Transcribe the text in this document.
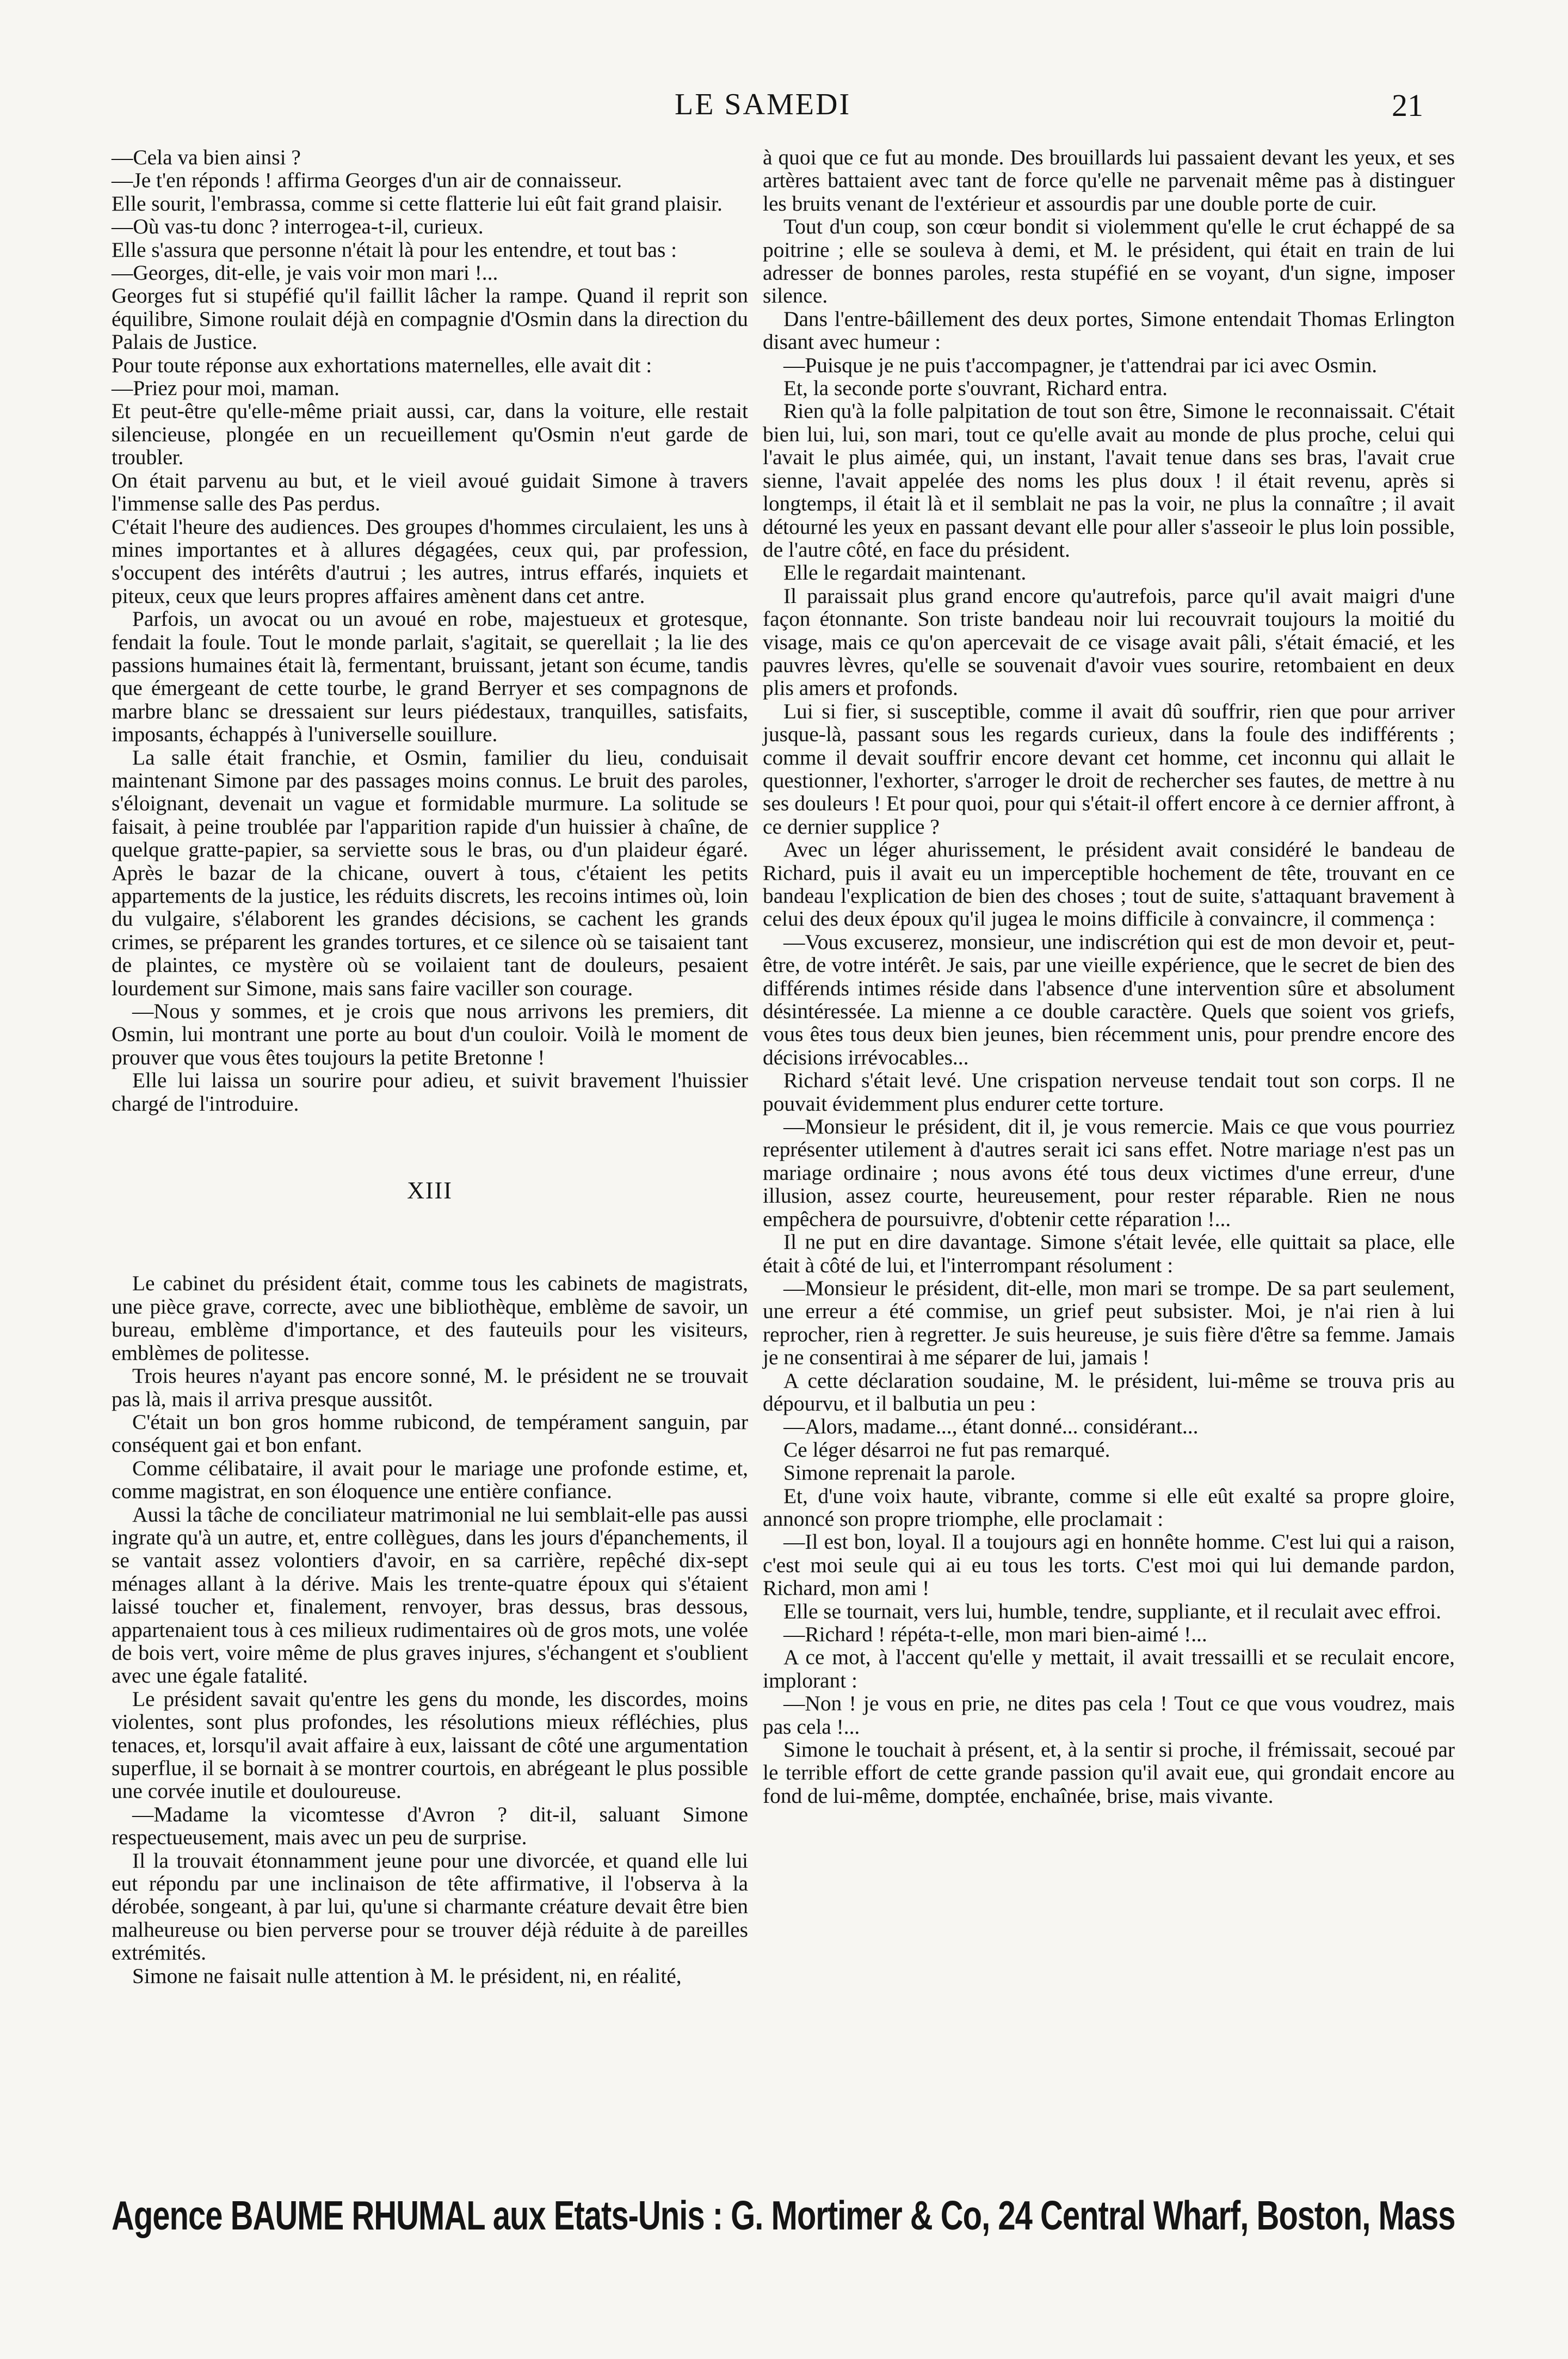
LE SAMEDI	21

—Cela va bien ainsi ?

—Je t'en réponds ! affirma Georges d'un air de connaisseur.

Elle sourit, l'embrassa, comme si cette flatterie lui eût fait grand plaisir.

—Où vas-tu donc ? interrogea-t-il, curieux.

Elle s'assura que personne n'était là pour les entendre, et tout bas :

—Georges, dit-elle, je vais voir mon mari !...

Georges fut si stupéfié qu'il faillit lâcher la rampe. Quand il reprit son équilibre, Simone roulait déjà en compagnie d'Osmin dans la direction du Palais de Justice.

Pour toute réponse aux exhortations maternelles, elle avait dit :

—Priez pour moi, maman.

Et peut-être qu'elle-même priait aussi, car, dans la voiture, elle restait silencieuse, plongée en un recueillement qu'Osmin n'eut garde de troubler.

On était parvenu au but, et le vieil avoué guidait Simone à travers l'immense salle des Pas perdus.

C'était l'heure des audiences. Des groupes d'hommes circulaient, les uns à mines importantes et à allures dégagées, ceux qui, par profession, s'occupent des intérêts d'autrui ; les autres, intrus effarés, inquiets et piteux, ceux que leurs propres affaires amènent dans cet antre.

Parfois, un avocat ou un avoué en robe, majestueux et grotesque, fendait la foule. Tout le monde parlait, s'agitait, se querellait ; la lie des passions humaines était là, fermentant, bruissant, jetant son écume, tandis que émergeant de cette tourbe, le grand Berryer et ses compagnons de marbre blanc se dressaient sur leurs piédestaux, tranquilles, satisfaits, imposants, échappés à l'universelle souillure.

La salle était franchie, et Osmin, familier du lieu, conduisait maintenant Simone par des passages moins connus. Le bruit des paroles, s'éloignant, devenait un vague et formidable murmure. La solitude se faisait, à peine troublée par l'apparition rapide d'un huissier à chaîne, de quelque gratte-papier, sa serviette sous le bras, ou d'un plaideur égaré. Après le bazar de la chicane, ouvert à tous, c'étaient les petits appartements de la justice, les réduits discrets, les recoins intimes où, loin du vulgaire, s'élaborent les grandes décisions, se cachent les grands crimes, se préparent les grandes tortures, et ce silence où se taisaient tant de plaintes, ce mystère où se voilaient tant de douleurs, pesaient lourdement sur Simone, mais sans faire vaciller son courage.

—Nous y sommes, et je crois que nous arrivons les premiers, dit Osmin, lui montrant une porte au bout d'un couloir. Voilà le moment de prouver que vous êtes toujours la petite Bretonne !

Elle lui laissa un sourire pour adieu, et suivit bravement l'huissier chargé de l'introduire.

XIII

Le cabinet du président était, comme tous les cabinets de magistrats, une pièce grave, correcte, avec une bibliothèque, emblème de savoir, un bureau, emblème d'importance, et des fauteuils pour les visiteurs, emblèmes de politesse.

Trois heures n'ayant pas encore sonné, M. le président ne se trouvait pas là, mais il arriva presque aussitôt.

C'était un bon gros homme rubicond, de tempérament sanguin, par conséquent gai et bon enfant.

Comme célibataire, il avait pour le mariage une profonde estime, et, comme magistrat, en son éloquence une entière confiance.

Aussi la tâche de conciliateur matrimonial ne lui semblait-elle pas aussi ingrate qu'à un autre, et, entre collègues, dans les jours d'épanchements, il se vantait assez volontiers d'avoir, en sa carrière, repêché dix-sept ménages allant à la dérive. Mais les trente-quatre époux qui s'étaient laissé toucher et, finalement, renvoyer, bras dessus, bras dessous, appartenaient tous à ces milieux rudimentaires où de gros mots, une volée de bois vert, voire même de plus graves injures, s'échangent et s'oublient avec une égale fatalité.

Le président savait qu'entre les gens du monde, les discordes, moins violentes, sont plus profondes, les résolutions mieux réfléchies, plus tenaces, et, lorsqu'il avait affaire à eux, laissant de côté une argumentation superflue, il se bornait à se montrer courtois, en abrégeant le plus possible une corvée inutile et douloureuse.

—Madame la vicomtesse d'Avron ? dit-il, saluant Simone respectueusement, mais avec un peu de surprise.

Il la trouvait étonnamment jeune pour une divorcée, et quand elle lui eut répondu par une inclinaison de tête affirmative, il l'observa à la dérobée, songeant, à par lui, qu'une si charmante créature devait être bien malheureuse ou bien perverse pour se trouver déjà réduite à de pareilles extrémités.

Simone ne faisait nulle attention à M. le président, ni, en réalité,

à quoi que ce fut au monde. Des brouillards lui passaient devant les yeux, et ses artères battaient avec tant de force qu'elle ne parvenait même pas à distinguer les bruits venant de l'extérieur et assourdis par une double porte de cuir.

Tout d'un coup, son cœur bondit si violemment qu'elle le crut échappé de sa poitrine ; elle se souleva à demi, et M. le président, qui était en train de lui adresser de bonnes paroles, resta stupéfié en se voyant, d'un signe, imposer silence.

Dans l'entre-bâillement des deux portes, Simone entendait Thomas Erlington disant avec humeur :

—Puisque je ne puis t'accompagner, je t'attendrai par ici avec Osmin.

Et, la seconde porte s'ouvrant, Richard entra.

Rien qu'à la folle palpitation de tout son être, Simone le reconnaissait. C'était bien lui, lui, son mari, tout ce qu'elle avait au monde de plus proche, celui qui l'avait le plus aimée, qui, un instant, l'avait tenue dans ses bras, l'avait crue sienne, l'avait appelée des noms les plus doux ! il était revenu, après si longtemps, il était là et il semblait ne pas la voir, ne plus la connaître ; il avait détourné les yeux en passant devant elle pour aller s'asseoir le plus loin possible, de l'autre côté, en face du président.

Elle le regardait maintenant.

Il paraissait plus grand encore qu'autrefois, parce qu'il avait maigri d'une façon étonnante. Son triste bandeau noir lui recouvrait toujours la moitié du visage, mais ce qu'on apercevait de ce visage avait pâli, s'était émacié, et les pauvres lèvres, qu'elle se souvenait d'avoir vues sourire, retombaient en deux plis amers et profonds.

Lui si fier, si susceptible, comme il avait dû souffrir, rien que pour arriver jusque-là, passant sous les regards curieux, dans la foule des indifférents ; comme il devait souffrir encore devant cet homme, cet inconnu qui allait le questionner, l'exhorter, s'arroger le droit de rechercher ses fautes, de mettre à nu ses douleurs ! Et pour quoi, pour qui s'était-il offert encore à ce dernier affront, à ce dernier supplice ?

Avec un léger ahurissement, le président avait considéré le bandeau de Richard, puis il avait eu un imperceptible hochement de tête, trouvant en ce bandeau l'explication de bien des choses ; tout de suite, s'attaquant bravement à celui des deux époux qu'il jugea le moins difficile à convaincre, il commença :

—Vous excuserez, monsieur, une indiscrétion qui est de mon devoir et, peut-être, de votre intérêt. Je sais, par une vieille expérience, que le secret de bien des différends intimes réside dans l'absence d'une intervention sûre et absolument désintéressée. La mienne a ce double caractère. Quels que soient vos griefs, vous êtes tous deux bien jeunes, bien récemment unis, pour prendre encore des décisions irrévocables...

Richard s'était levé. Une crispation nerveuse tendait tout son corps. Il ne pouvait évidemment plus endurer cette torture.

—Monsieur le président, dit il, je vous remercie. Mais ce que vous pourriez représenter utilement à d'autres serait ici sans effet. Notre mariage n'est pas un mariage ordinaire ; nous avons été tous deux victimes d'une erreur, d'une illusion, assez courte, heureusement, pour rester réparable. Rien ne nous empêchera de poursuivre, d'obtenir cette réparation !...

Il ne put en dire davantage. Simone s'était levée, elle quittait sa place, elle était à côté de lui, et l'interrompant résolument :

—Monsieur le président, dit-elle, mon mari se trompe. De sa part seulement, une erreur a été commise, un grief peut subsister. Moi, je n'ai rien à lui reprocher, rien à regretter. Je suis heureuse, je suis fière d'être sa femme. Jamais je ne consentirai à me séparer de lui, jamais !

A cette déclaration soudaine, M. le président, lui-même se trouva pris au dépourvu, et il balbutia un peu :

—Alors, madame..., étant donné... considérant...

Ce léger désarroi ne fut pas remarqué.

Simone reprenait la parole.

Et, d'une voix haute, vibrante, comme si elle eût exalté sa propre gloire, annoncé son propre triomphe, elle proclamait :

—Il est bon, loyal. Il a toujours agi en honnête homme. C'est lui qui a raison, c'est moi seule qui ai eu tous les torts. C'est moi qui lui demande pardon, Richard, mon ami !

Elle se tournait, vers lui, humble, tendre, suppliante, et il reculait avec effroi.

—Richard ! répéta-t-elle, mon mari bien-aimé !...

A ce mot, à l'accent qu'elle y mettait, il avait tressailli et se reculait encore, implorant :

—Non ! je vous en prie, ne dites pas cela ! Tout ce que vous voudrez, mais pas cela !...

Simone le touchait à présent, et, à la sentir si proche, il frémissait, secoué par le terrible effort de cette grande passion qu'il avait eue, qui grondait encore au fond de lui-même, domptée, enchaînée, brise, mais vivante.

Agence BAUME RHUMAL aux Etats-Unis : G. Mortimer & Co, 24 Central Wharf, Boston, Mass
